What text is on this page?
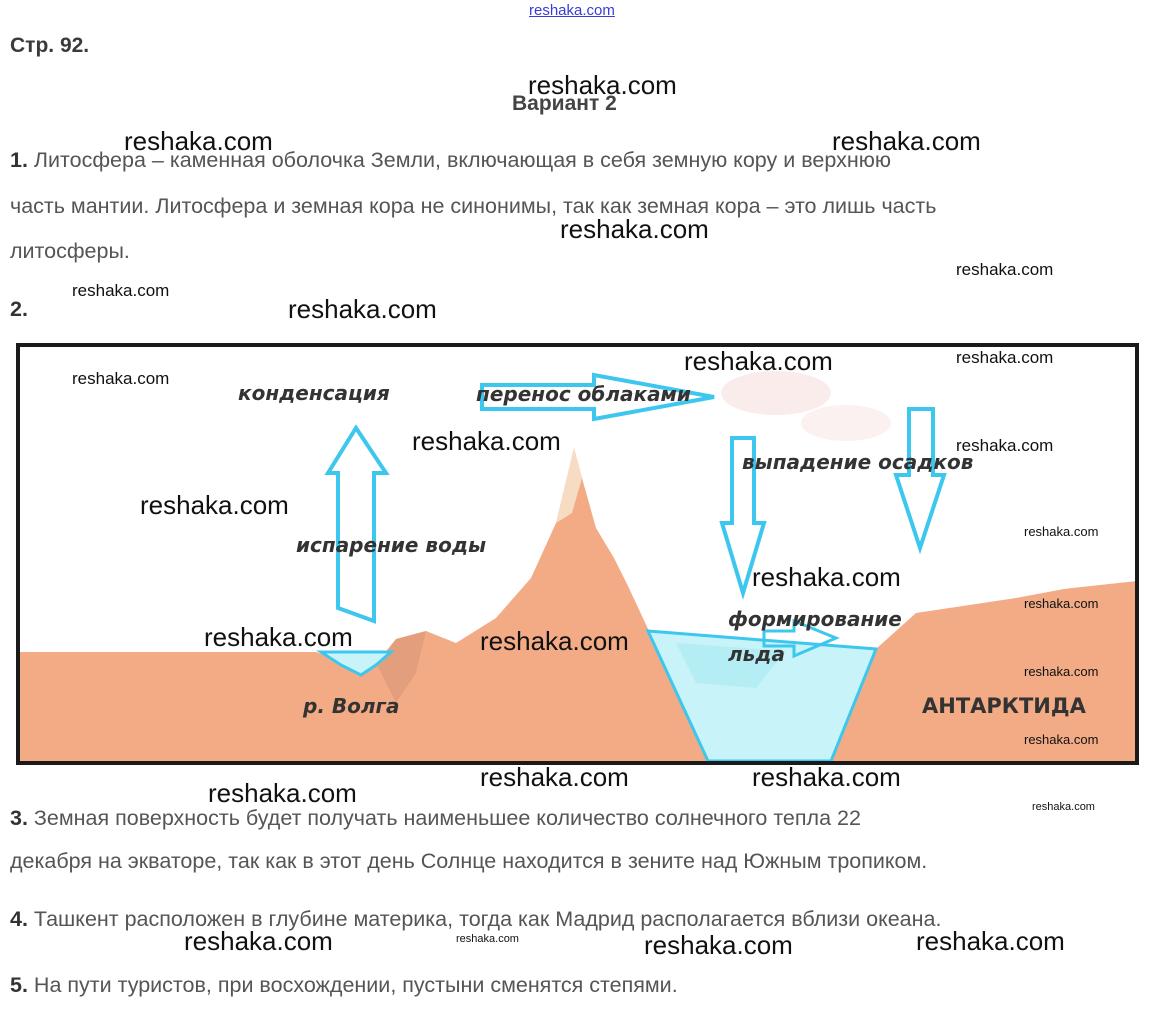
reshaka.com
Стр. 92.
Вариант 2
1. Литосфера – каменная оболочка Земли, включающая в себя земную кору и верхнюю
часть мантии. Литосфера и земная кора не синонимы, так как земная кора – это лишь часть
литосферы.
2.
конденсация	перенос облаками
выпадение осадков
испарение воды
формирование
льда
р. Волга	АНТАРКТИДА
3. Земная поверхность будет получать наименьшее количество солнечного тепла 22
декабря на экваторе, так как в этот день Солнце находится в зените над Южным тропиком.
4. Ташкент расположен в глубине материка, тогда как Мадрид располагается вблизи океана.
5. На пути туристов, при восхождении, пустыни сменятся степями.
reshaka.com
reshaka.com	reshaka.com
reshaka.com
reshaka.com
reshaka.com
reshaka.com
reshaka.com	reshaka.com
reshaka.com
reshaka.com	reshaka.com
reshaka.com
reshaka.com
reshaka.com
reshaka.com
reshaka.com	reshaka.com
reshaka.com
reshaka.com
reshaka.com	reshaka.com
reshaka.com	reshaka.com
reshaka.com	reshaka.com	reshaka.com	reshaka.com
